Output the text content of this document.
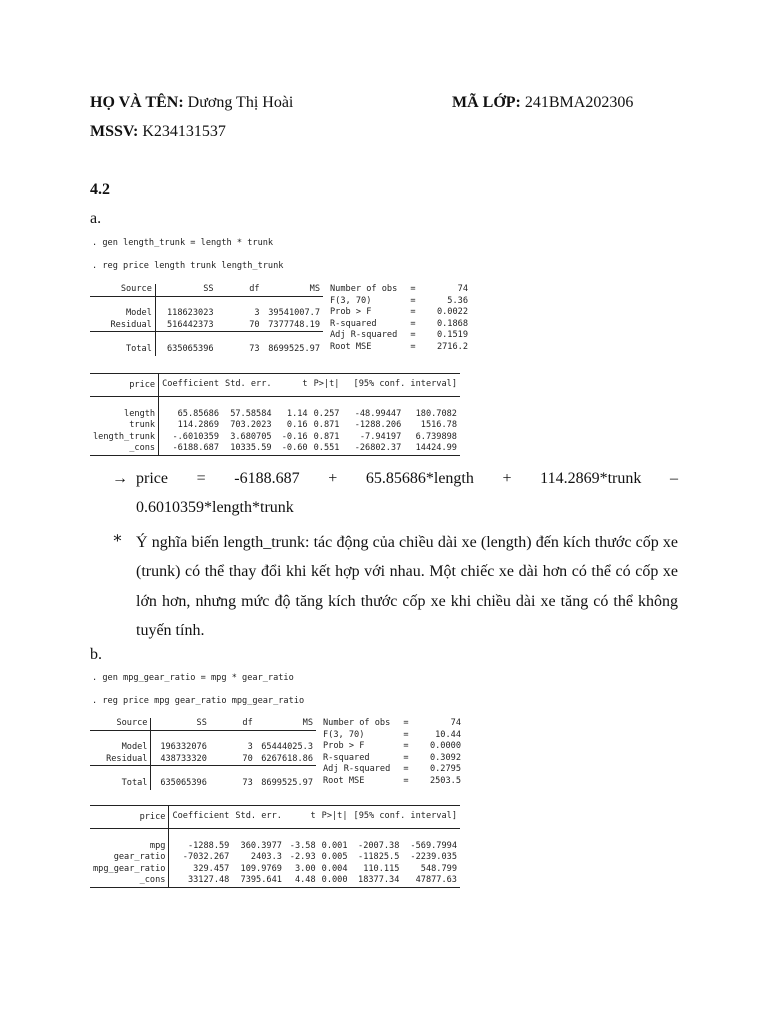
HỌ VÀ TÊN: Dương Thị Hoài	MÃ LỚP: 241BMA202306
MSSV: K234131537
4.2
a.
. gen length_trunk = length * trunk
. reg price length trunk length_trunk
Source	SS	df	MS

Model	118623023	3	39541007.7
Residual	516442373	70	7377748.19

Total	635065396	73	8699525.97
Number of obs	=	74
F(3, 70)	=	5.36
Prob > F	=	0.0022
R-squared	=	0.1868
Adj R-squared	=	0.1519
Root MSE	=	2716.2
price	Coefficient	Std. err.	t	P>|t|	[95% conf. interval]	

length	65.85686	57.58584	1.14	0.257	-48.99447	180.7082
trunk	114.2869	703.2023	0.16	0.871	-1288.206	1516.78
length_trunk	-.6010359	3.680705	-0.16	0.871	-7.94197	6.739898
_cons	-6188.687	10335.59	-0.60	0.551	-26802.37	14424.99
→ price = -6188.687 + 65.85686*length + 114.2869*trunk –
0.6010359*length*trunk
∗ Ý nghĩa biến length_trunk: tác động của chiều dài xe (length) đến kích thước cốp xe (trunk) có thể thay đổi khi kết hợp với nhau. Một chiếc xe dài hơn có thể có cốp xe lớn hơn, nhưng mức độ tăng kích thước cốp xe khi chiều dài xe tăng có thể không tuyến tính.
b.
. gen mpg_gear_ratio = mpg * gear_ratio
. reg price mpg gear_ratio mpg_gear_ratio
Source	SS	df	MS

Model	196332076	3	65444025.3
Residual	438733320	70	6267618.86

Total	635065396	73	8699525.97
Number of obs	=	74
F(3, 70)	=	10.44
Prob > F	=	0.0000
R-squared	=	0.3092
Adj R-squared	=	0.2795
Root MSE	=	2503.5
price	Coefficient	Std. err.	t	P>|t|	[95% conf. interval]	

mpg	-1288.59	360.3977	-3.58	0.001	-2007.38	-569.7994
gear_ratio	-7032.267	2403.3	-2.93	0.005	-11825.5	-2239.035
mpg_gear_ratio	329.457	109.9769	3.00	0.004	110.115	548.799
_cons	33127.48	7395.641	4.48	0.000	18377.34	47877.63
